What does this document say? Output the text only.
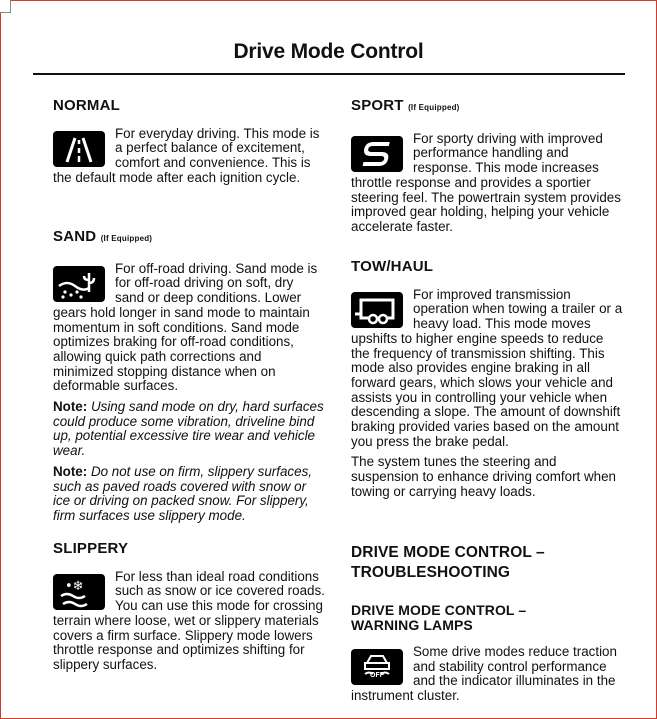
Drive Mode Control

NORMAL

For everyday driving. This mode is a perfect balance of excitement, comfort and convenience. This is the default mode after each ignition cycle.

SAND (If Equipped)

For off-road driving. Sand mode is for off-road driving on soft, dry sand or deep conditions. Lower gears hold longer in sand mode to maintain momentum in soft conditions. Sand mode optimizes braking for off-road conditions, allowing quick path corrections and minimized stopping distance when on deformable surfaces.

Note: Using sand mode on dry, hard surfaces could produce some vibration, driveline bind up, potential excessive tire wear and vehicle wear.

Note: Do not use on firm, slippery surfaces, such as paved roads covered with snow or ice or driving on packed snow. For slippery, firm surfaces use slippery mode.

SLIPPERY

•❄

For less than ideal road conditions such as snow or ice covered roads. You can use this mode for crossing terrain where loose, wet or slippery materials covers a firm surface. Slippery mode lowers throttle response and optimizes shifting for slippery surfaces.

SPORT (If Equipped)

For sporty driving with improved performance handling and response. This mode increases throttle response and provides a sportier steering feel. The powertrain system provides improved gear holding, helping your vehicle accelerate faster.

TOW/HAUL

For improved transmission operation when towing a trailer or a heavy load. This mode moves upshifts to higher engine speeds to reduce the frequency of transmission shifting. This mode also provides engine braking in all forward gears, which slows your vehicle and assists you in controlling your vehicle when descending a slope. The amount of downshift braking provided varies based on the amount you press the brake pedal.

The system tunes the steering and suspension to enhance driving comfort when towing or carrying heavy loads.

DRIVE MODE CONTROL –

TROUBLESHOOTING

DRIVE MODE CONTROL –

WARNING LAMPS

OFF

Some drive modes reduce traction and stability control performance and the indicator illuminates in the instrument cluster.
